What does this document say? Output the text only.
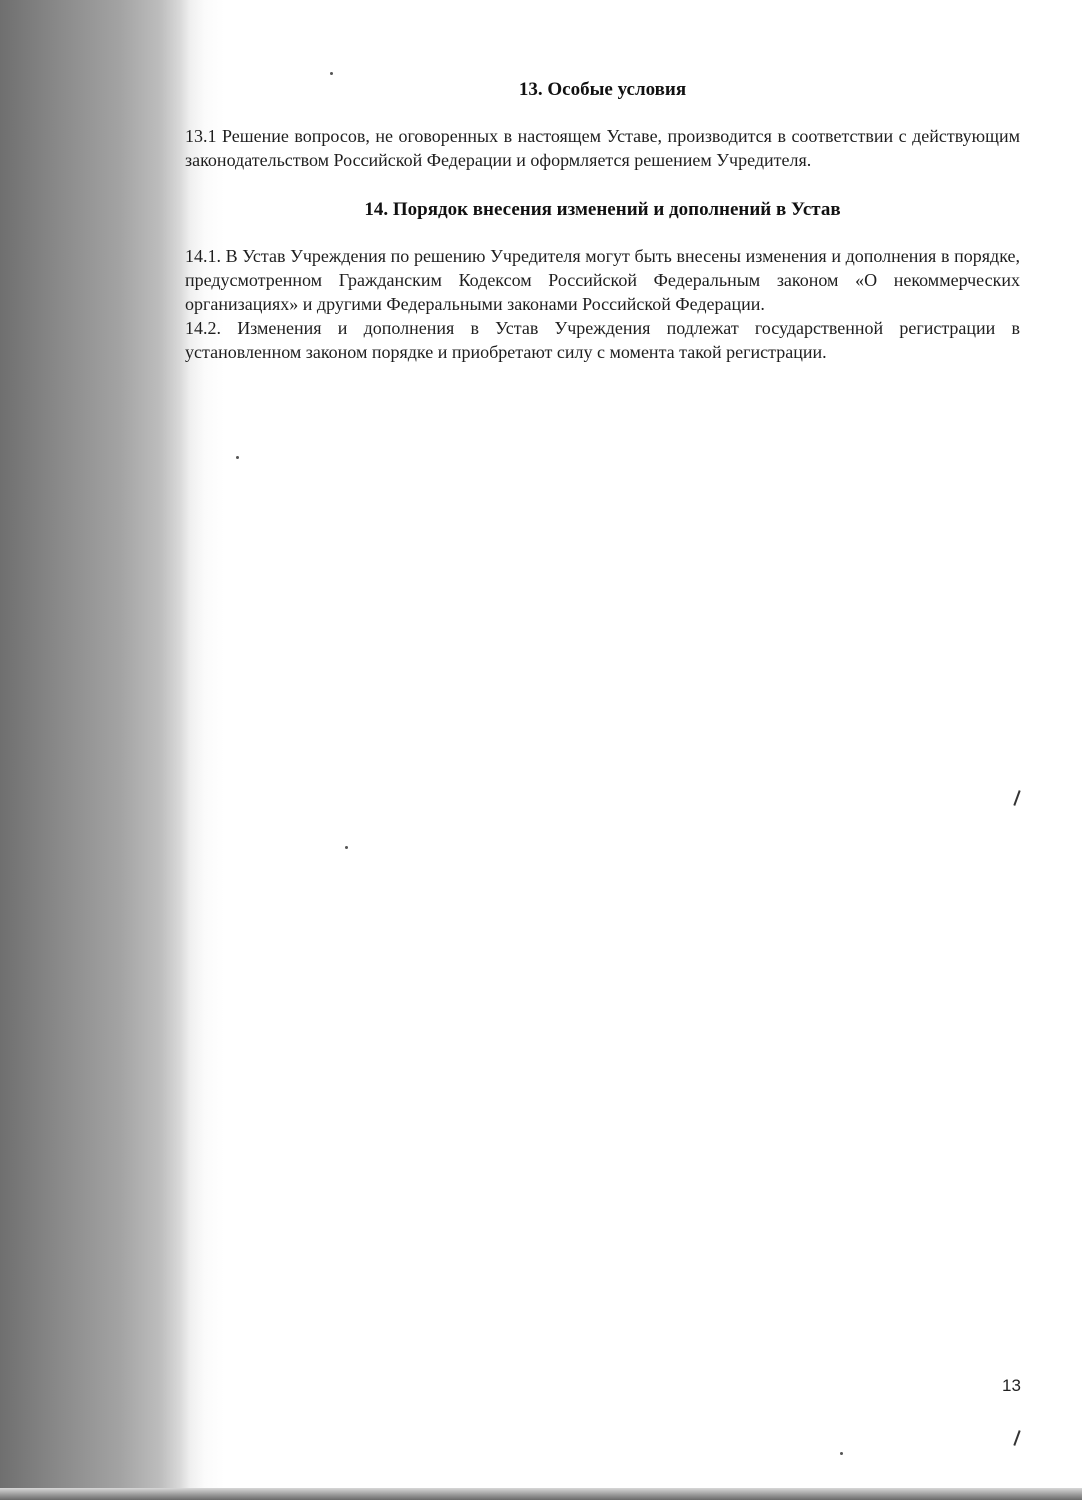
13. Особые условия

13.1 Решение вопросов, не оговоренных в настоящем Уставе, производится в соответствии с действующим законодательством Российской Федерации и оформляется решением Учредителя.

14. Порядок внесения изменений и дополнений в Устав

14.1. В Устав Учреждения по решению Учредителя могут быть внесены изменения и дополнения в порядке, предусмотренном Гражданским Кодексом Российской Федеральным законом «О некоммерческих организациях» и другими Федеральными законами Российской Федерации.

14.2. Изменения и дополнения в Устав Учреждения подлежат государственной регистрации в установленном законом порядке и приобретают силу с момента такой регистрации.

13
